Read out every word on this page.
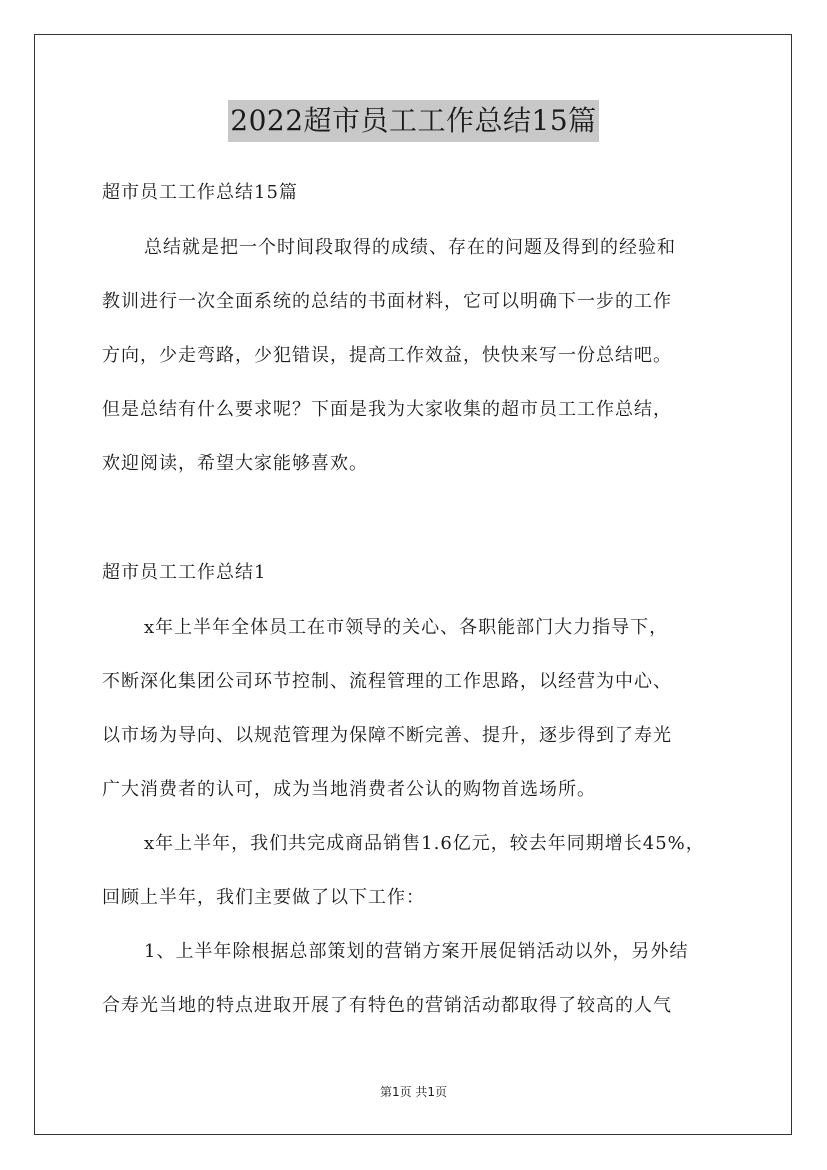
2022超市员工工作总结15篇
超市员工工作总结15篇
总结就是把一个时间段取得的成绩、存在的问题及得到的经验和
教训进行一次全面系统的总结的书面材料，它可以明确下一步的工作
方向，少走弯路，少犯错误，提高工作效益，快快来写一份总结吧。
但是总结有什么要求呢？下面是我为大家收集的超市员工工作总结，
欢迎阅读，希望大家能够喜欢。
超市员工工作总结1
x年上半年全体员工在市领导的关心、各职能部门大力指导下，
不断深化集团公司环节控制、流程管理的工作思路，以经营为中心、
以市场为导向、以规范管理为保障不断完善、提升，逐步得到了寿光
广大消费者的认可，成为当地消费者公认的购物首选场所。
x年上半年，我们共完成商品销售1.6亿元，较去年同期增长45%，
回顾上半年，我们主要做了以下工作：
1、上半年除根据总部策划的营销方案开展促销活动以外，另外结
合寿光当地的特点进取开展了有特色的营销活动都取得了较高的人气
第1页 共1页
